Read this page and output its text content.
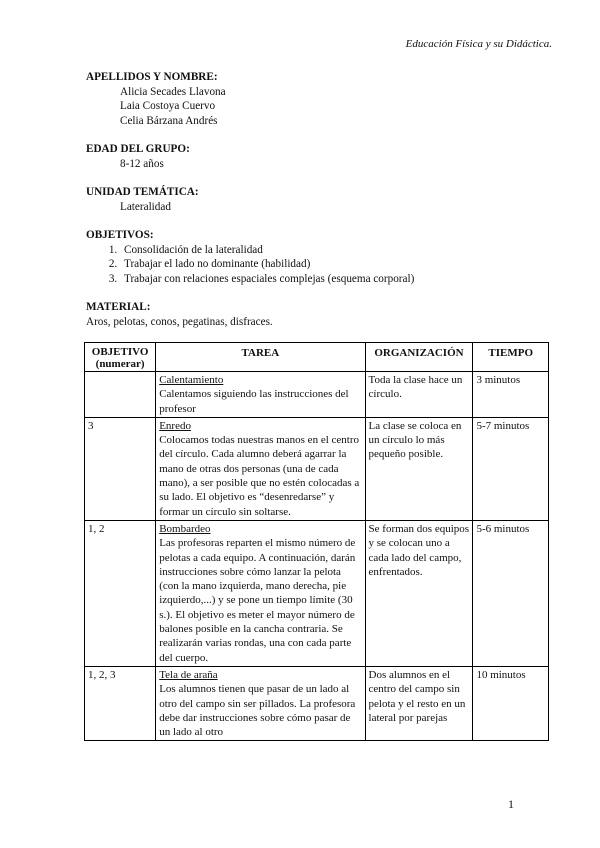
Educación Física y su Didáctica.

APELLIDOS Y NOMBRE:

Alicia Secades Llavona
Laia Costoya Cuervo
Celia Bárzana Andrés

EDAD DEL GRUPO:

8-12 años

UNIDAD TEMÁTICA:

Lateralidad

OBJETIVOS:

1. Consolidación de la lateralidad
2. Trabajar el lado no dominante (habilidad)
3. Trabajar con relaciones espaciales complejas (esquema corporal)

MATERIAL:

Aros, pelotas, conos, pegatinas, disfraces.
OBJETIVO
(numerar)	TAREA	ORGANIZACIÓN	TIEMPO

	Calentamiento
Calentamos siguiendo las instrucciones del profesor	Toda la clase hace un círculo.	3 minutos
3	Enredo
Colocamos todas nuestras manos en el centro del círculo. Cada alumno deberá agarrar la mano de otras dos personas (una de cada mano), a ser posible que no estén colocadas a su lado. El objetivo es “desenredarse” y formar un círculo sin soltarse.	La clase se coloca en un círculo lo más pequeño posible.	5-7 minutos
1, 2	Bombardeo
Las profesoras reparten el mismo número de pelotas a cada equipo. A continuación, darán instrucciones sobre cómo lanzar la pelota (con la mano izquierda, mano derecha, pie izquierdo,...) y se pone un tiempo límite (30 s.). El objetivo es meter el mayor número de balones posible en la cancha contraria. Se realizarán varias rondas, una con cada parte del cuerpo.	Se forman dos equipos y se colocan uno a cada lado del campo, enfrentados.	5-6 minutos
1, 2, 3	Tela de araña
Los alumnos tienen que pasar de un lado al otro del campo sin ser pillados. La profesora debe dar instrucciones sobre cómo pasar de un lado al otro	Dos alumnos en el centro del campo sin pelota y el resto en un lateral por parejas	10 minutos
1
